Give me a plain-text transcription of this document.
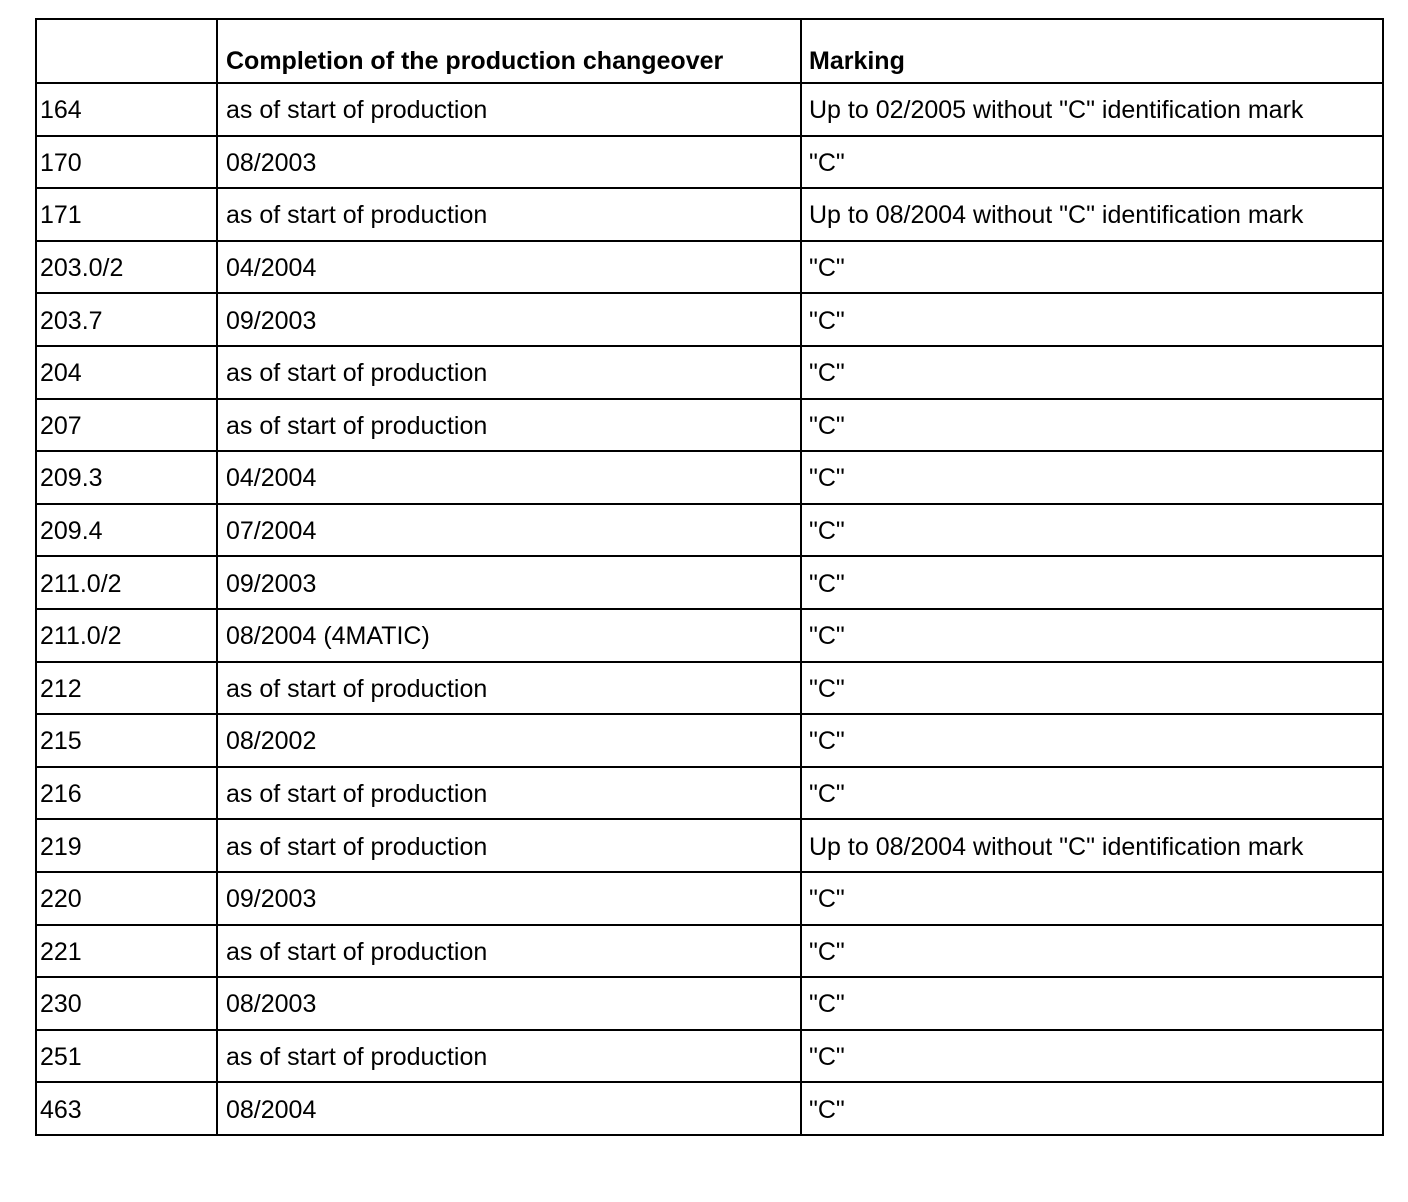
	Completion of the production changeover	Marking
164	as of start of production	Up to 02/2005 without "C" identification mark
170	08/2003	"C"
171	as of start of production	Up to 08/2004 without "C" identification mark
203.0/2	04/2004	"C"
203.7	09/2003	"C"
204	as of start of production	"C"
207	as of start of production	"C"
209.3	04/2004	"C"
209.4	07/2004	"C"
211.0/2	09/2003	"C"
211.0/2	08/2004 (4MATIC)	"C"
212	as of start of production	"C"
215	08/2002	"C"
216	as of start of production	"C"
219	as of start of production	Up to 08/2004 without "C" identification mark
220	09/2003	"C"
221	as of start of production	"C"
230	08/2003	"C"
251	as of start of production	"C"
463	08/2004	"C"
